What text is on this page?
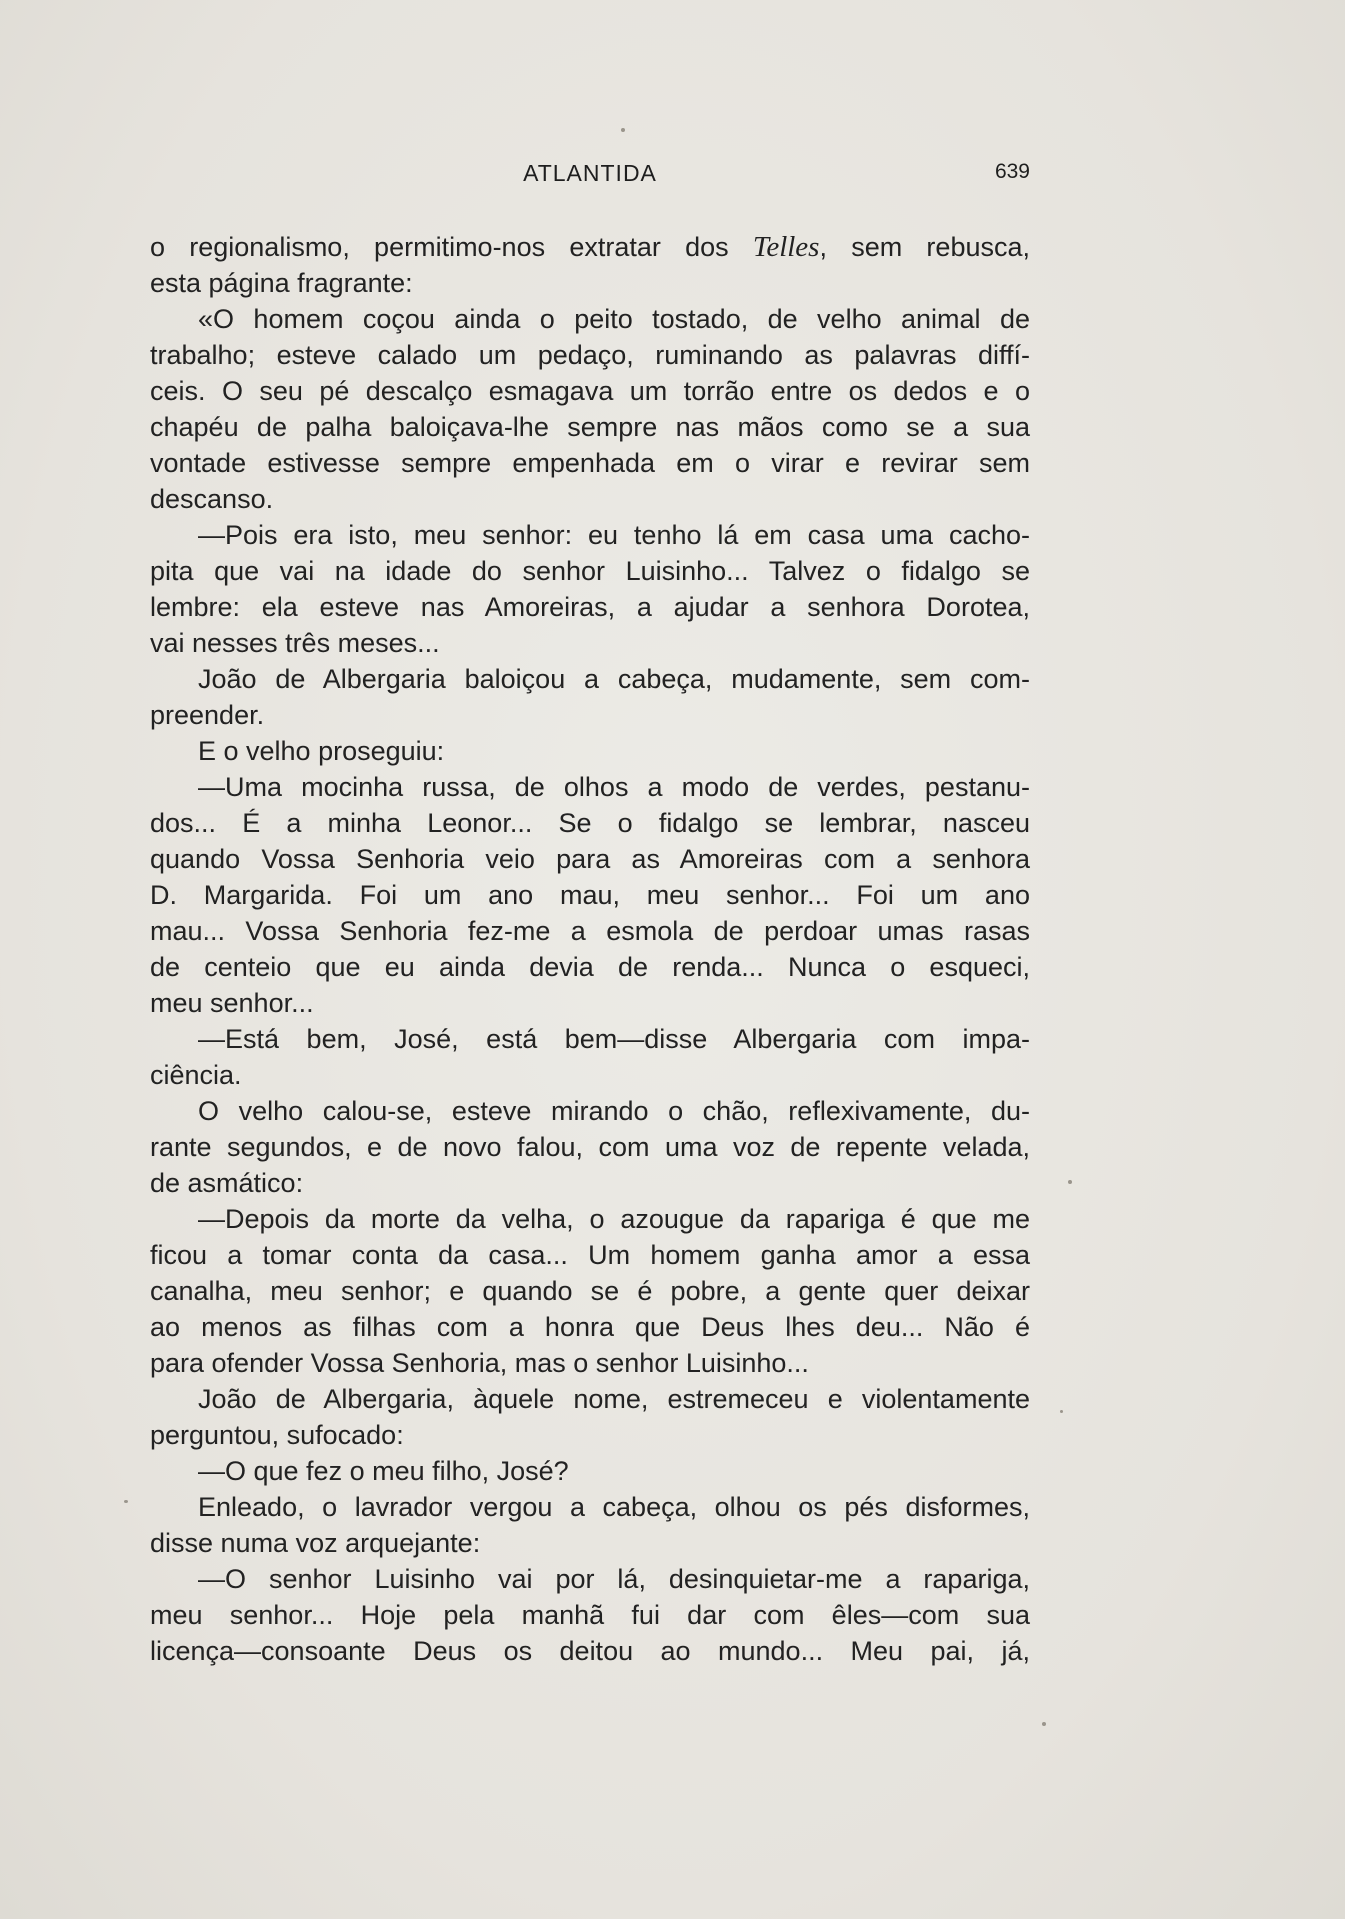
ATLANTIDA	639
o regionalismo, permitimo-nos extratar dos Telles, sem rebusca,
esta página fragrante:
«O homem coçou ainda o peito tostado, de velho animal de
trabalho; esteve calado um pedaço, ruminando as palavras diffí-
ceis. O seu pé descalço esmagava um torrão entre os dedos e o
chapéu de palha baloiçava-lhe sempre nas mãos como se a sua
vontade estivesse sempre empenhada em o virar e revirar sem
descanso.
—Pois era isto, meu senhor: eu tenho lá em casa uma cacho-
pita que vai na idade do senhor Luisinho... Talvez o fidalgo se
lembre: ela esteve nas Amoreiras, a ajudar a senhora Dorotea,
vai nesses três meses...
João de Albergaria baloiçou a cabeça, mudamente, sem com-
preender.
E o velho proseguiu:
—Uma mocinha russa, de olhos a modo de verdes, pestanu-
dos... É a minha Leonor... Se o fidalgo se lembrar, nasceu
quando Vossa Senhoria veio para as Amoreiras com a senhora
D. Margarida. Foi um ano mau, meu senhor... Foi um ano
mau... Vossa Senhoria fez-me a esmola de perdoar umas rasas
de centeio que eu ainda devia de renda... Nunca o esqueci,
meu senhor...
—Está bem, José, está bem—disse Albergaria com impa-
ciência.
O velho calou-se, esteve mirando o chão, reflexivamente, du-
rante segundos, e de novo falou, com uma voz de repente velada,
de asmático:
—Depois da morte da velha, o azougue da rapariga é que me
ficou a tomar conta da casa... Um homem ganha amor a essa
canalha, meu senhor; e quando se é pobre, a gente quer deixar
ao menos as filhas com a honra que Deus lhes deu... Não é
para ofender Vossa Senhoria, mas o senhor Luisinho...
João de Albergaria, àquele nome, estremeceu e violentamente
perguntou, sufocado:
—O que fez o meu filho, José?
Enleado, o lavrador vergou a cabeça, olhou os pés disformes,
disse numa voz arquejante:
—O senhor Luisinho vai por lá, desinquietar-me a rapariga,
meu senhor... Hoje pela manhã fui dar com êles—com sua
licença—consoante Deus os deitou ao mundo... Meu pai, já,
